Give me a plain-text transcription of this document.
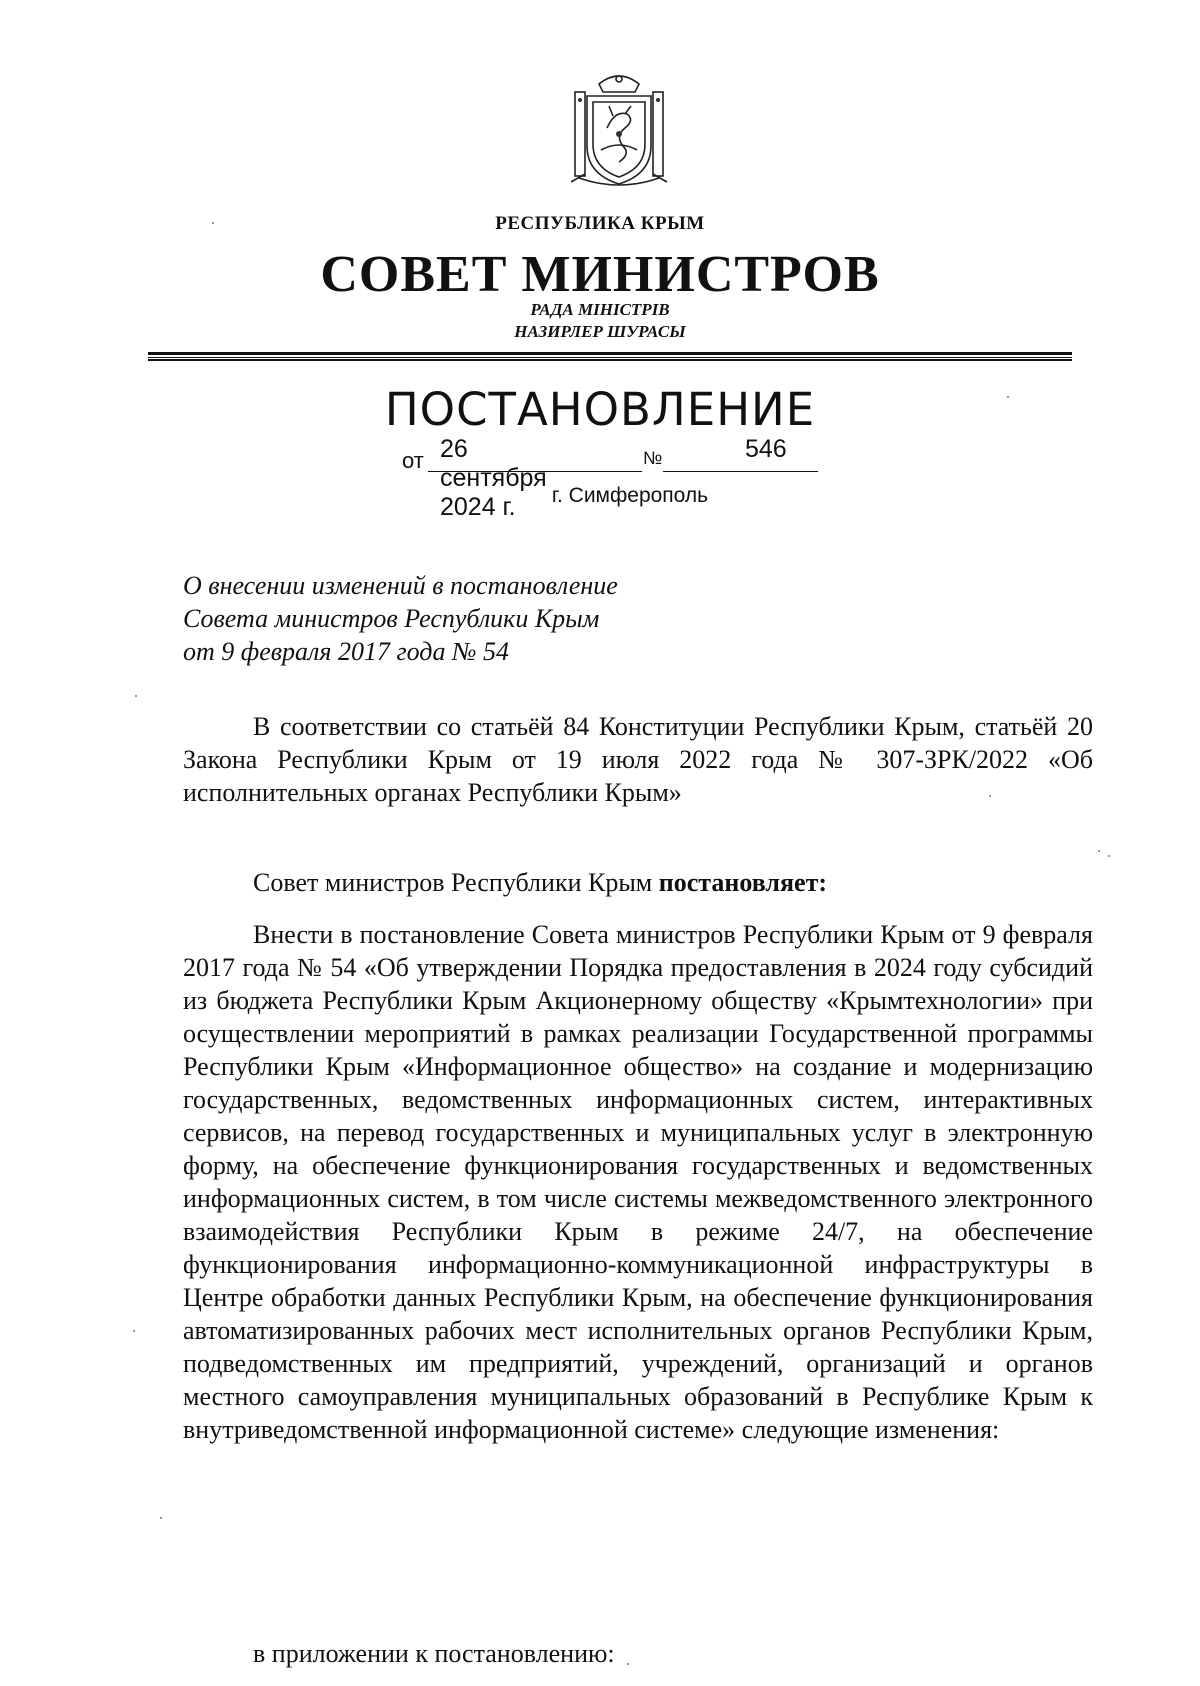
РЕСПУБЛИКА КРЫМ
СОВЕТ МИНИСТРОВ
РАДА МІНІСТРІВ
НАЗИРЛЕР ШУРАСЫ
ПОСТАНОВЛЕНИЕ
от 26 сентября 2024 г.
№	546
г. Симферополь
О внесении изменений в постановление
Совета министров Республики Крым
от 9 февраля 2017 года № 54
В соответствии со статьёй 84 Конституции Республики Крым, статьёй 20 Закона Республики Крым от 19 июля 2022 года № 307-ЗРК/2022 «Об исполнительных органах Республики Крым»
Совет министров Республики Крым постановляет:
Внести в постановление Совета министров Республики Крым от 9 февраля 2017 года № 54 «Об утверждении Порядка предоставления в 2024 году субсидий из бюджета Республики Крым Акционерному обществу «Крымтехнологии» при осуществлении мероприятий в рамках реализации Государственной программы Республики Крым «Информационное общество» на создание и модернизацию государственных, ведомственных информационных систем, интерактивных сервисов, на перевод государственных и муниципальных услуг в электронную форму, на обеспечение функционирования государственных и ведомственных информационных систем, в том числе системы межведомственного электронного взаимодействия Республики Крым в режиме 24/7, на обеспечение функционирования информационно-коммуникационной инфраструктуры в Центре обработки данных Республики Крым, на обеспечение функционирования автоматизированных рабочих мест исполнительных органов Республики Крым, подведомственных им предприятий, учреждений, организаций и органов местного самоуправления муниципальных образований в Республике Крым к внутриведомственной информационной системе» следующие изменения:
в приложении к постановлению:
